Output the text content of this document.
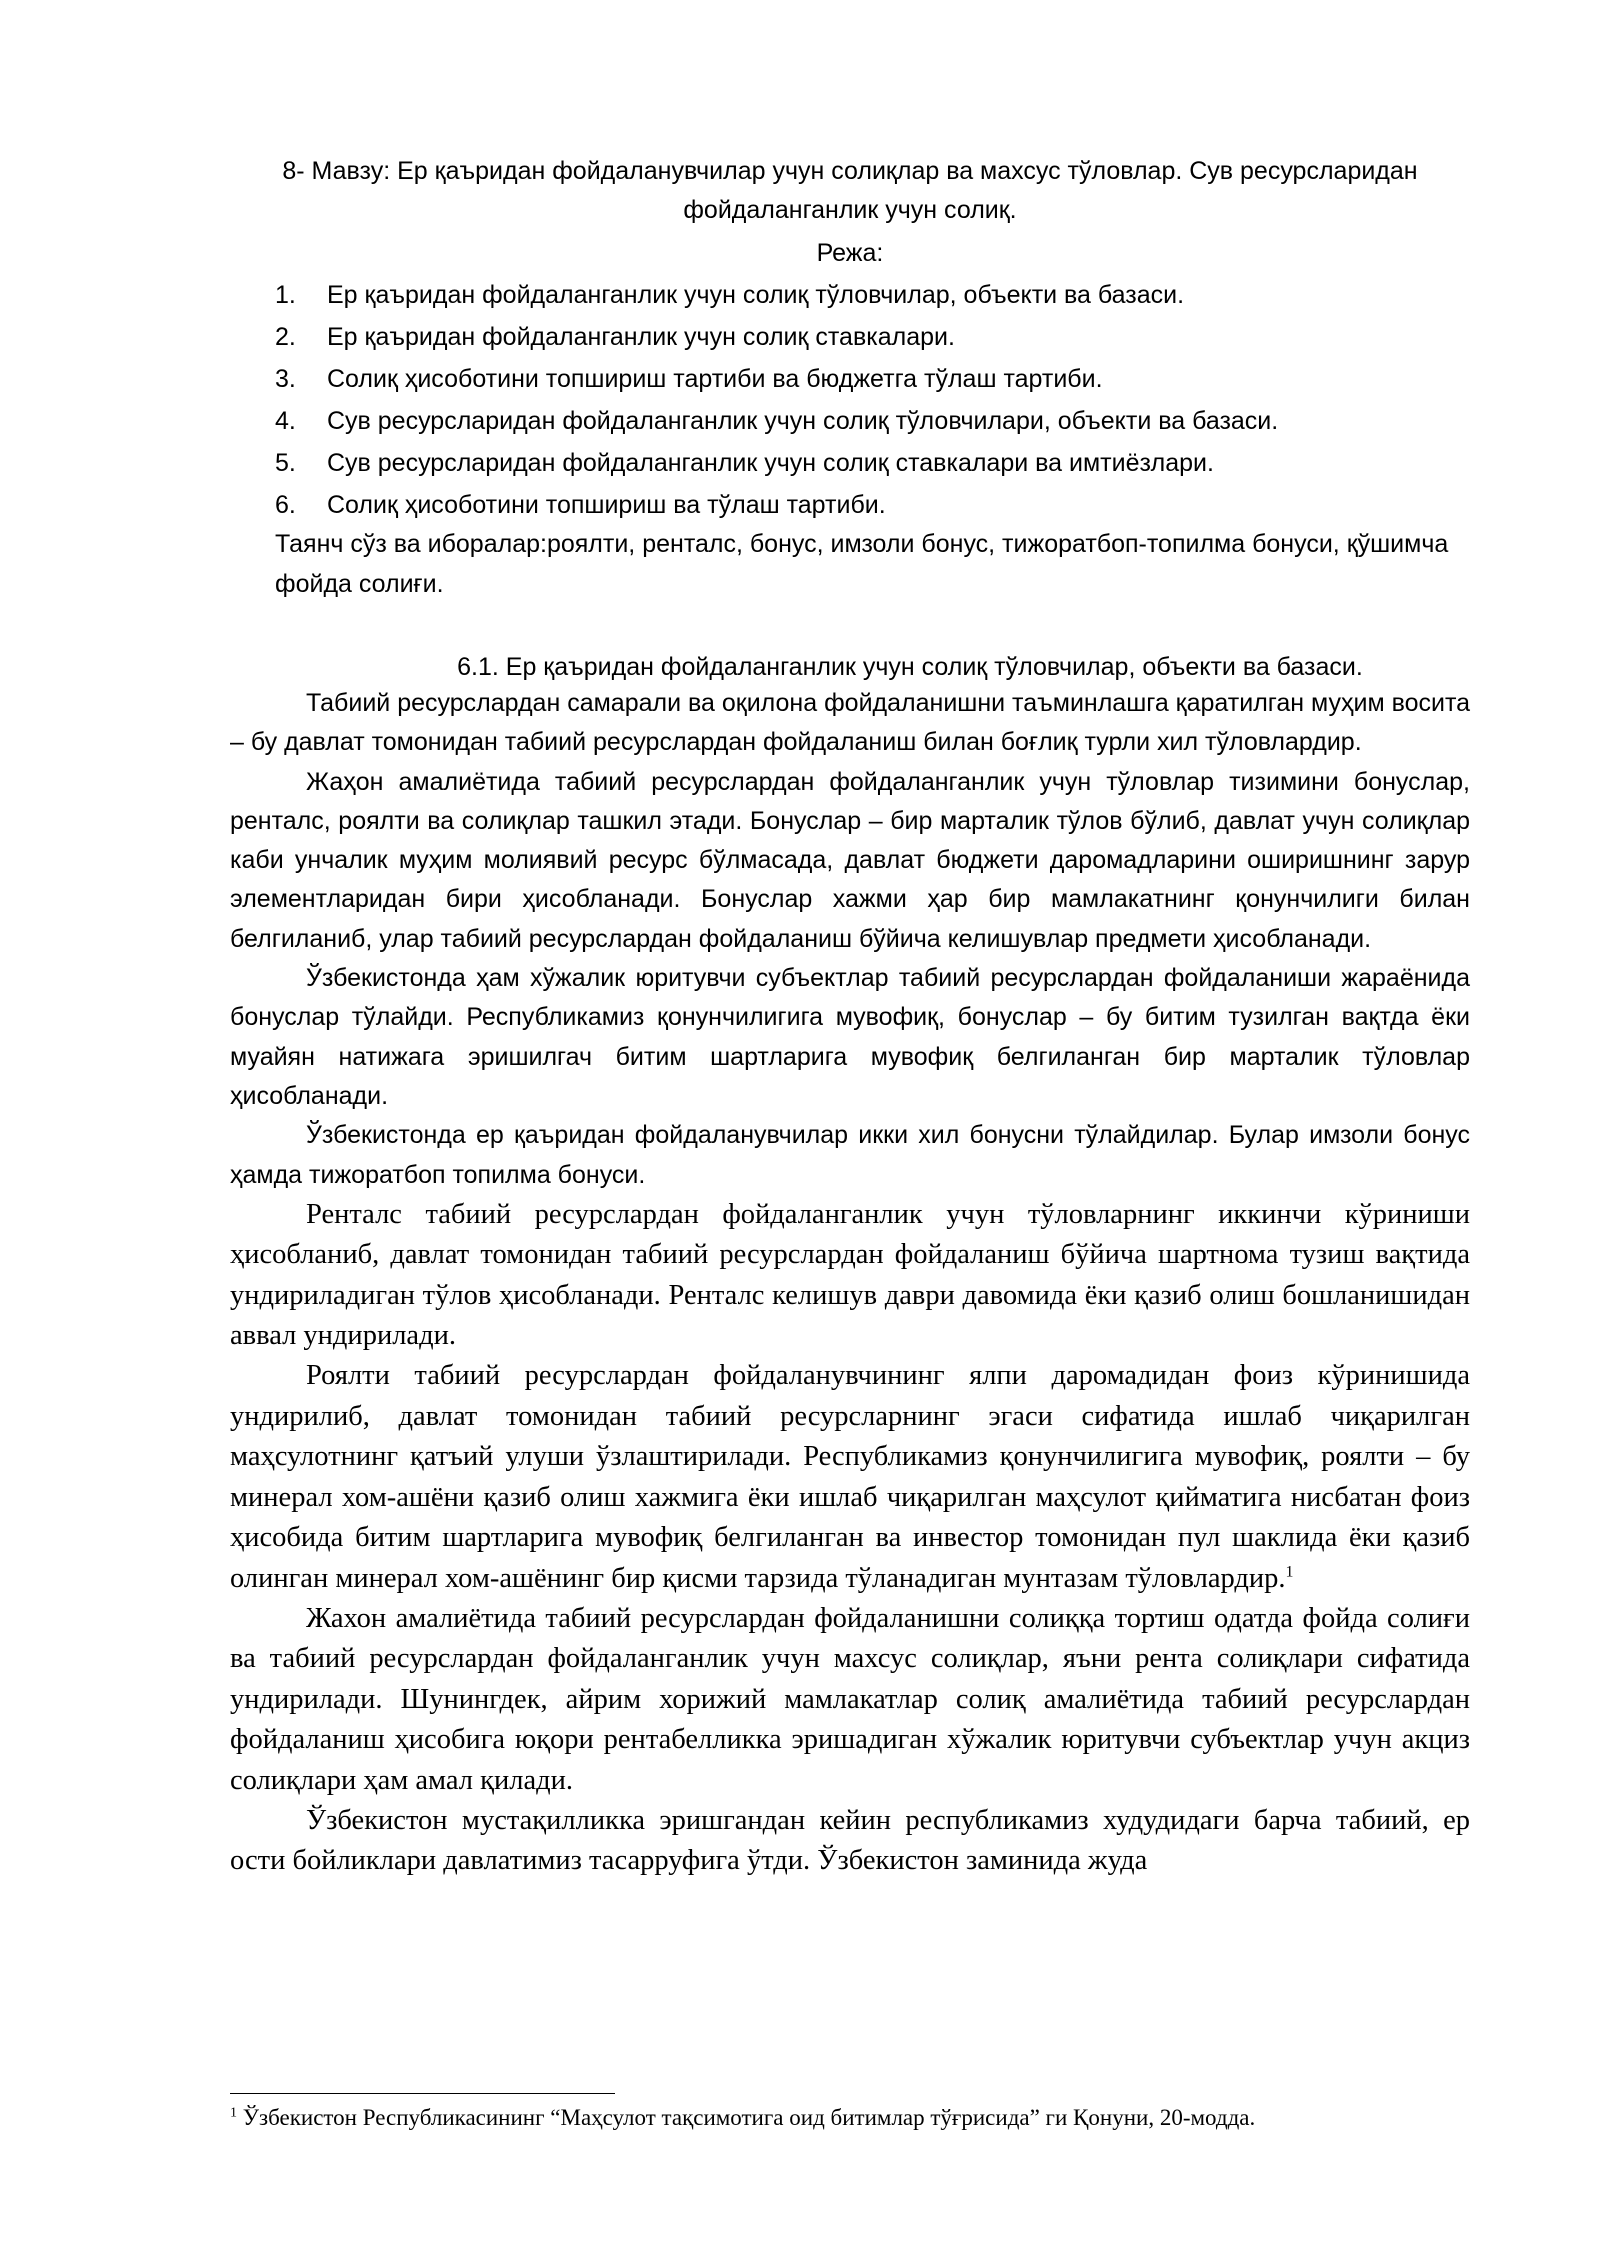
8- Мавзу: Ер қаъридан фойдаланувчилар учун солиқлар ва махсус тўловлар. Сув ресурсларидан фойдаланганлик учун солиқ.
Режа:
1. Ер қаъридан фойдаланганлик учун солиқ тўловчилар, объекти ва базаси.
2. Ер қаъридан фойдаланганлик учун солиқ ставкалари.
3. Солиқ ҳисоботини топшириш тартиби ва бюджетга тўлаш тартиби.
4. Сув ресурсларидан фойдаланганлик учун солиқ тўловчилари, объекти ва базаси.
5. Сув ресурсларидан фойдаланганлик учун солиқ ставкалари ва имтиёзлари.
6. Солиқ ҳисоботини топшириш ва тўлаш тартиби.
Таянч сўз ва иборалар:роялти, ренталс, бонус, имзоли бонус, тижоратбоп-топилма бонуси, қўшимча фойда солиғи.
6.1. Ер қаъридан фойдаланганлик учун солиқ тўловчилар, объекти ва базаси.

Табиий ресурслардан самарали ва оқилона фойдаланишни таъминлашга қаратилган муҳим восита – бу давлат томонидан табиий ресурслардан фойдаланиш билан боғлиқ турли хил тўловлардир.

Жаҳон амалиётида табиий ресурслардан фойдаланганлик учун тўловлар тизимини бонуслар, ренталс, роялти ва солиқлар ташкил этади. Бонуслар – бир марталик тўлов бўлиб, давлат учун солиқлар каби унчалик муҳим молиявий ресурс бўлмасада, давлат бюджети даромадларини оширишнинг зарур элементларидан бири ҳисобланади. Бонуслар хажми ҳар бир мамлакатнинг қонунчилиги билан белгиланиб, улар табиий ресурслардан фойдаланиш бўйича келишувлар предмети ҳисобланади.

Ўзбекистонда ҳам хўжалик юритувчи субъектлар табиий ресурслардан фойдаланиши жараёнида бонуслар тўлайди. Республикамиз қонунчилигига мувофиқ, бонуслар – бу битим тузилган вақтда ёки муайян натижага эришилгач битим шартларига мувофиқ белгиланган бир марталик тўловлар ҳисобланади.

Ўзбекистонда ер қаъридан фойдаланувчилар икки хил бонусни тўлайдилар. Булар имзоли бонус ҳамда тижоратбоп топилма бонуси.

Ренталс табиий ресурслардан фойдаланганлик учун тўловларнинг иккинчи кўриниши ҳисобланиб, давлат томонидан табиий ресурслардан фойдаланиш бўйича шартнома тузиш вақтида ундириладиган тўлов ҳисобланади. Ренталс келишув даври давомида ёки қазиб олиш бошланишидан аввал ундирилади.

Роялти табиий ресурслардан фойдаланувчининг ялпи даромадидан фоиз кўринишида ундирилиб, давлат томонидан табиий ресурсларнинг эгаси сифатида ишлаб чиқарилган маҳсулотнинг қатъий улуши ўзлаштирилади. Республикамиз қонунчилигига мувофиқ, роялти – бу минерал хом-ашёни қазиб олиш хажмига ёки ишлаб чиқарилган маҳсулот қийматига нисбатан фоиз ҳисобида битим шартларига мувофиқ белгиланган ва инвестор томонидан пул шаклида ёки қазиб олинган минерал хом-ашёнинг бир қисми тарзида тўланадиган мунтазам тўловлардир.$^1$

Жахон амалиётида табиий ресурслардан фойдаланишни солиққа тортиш одатда фойда солиғи ва табиий ресурслардан фойдаланганлик учун махсус солиқлар, яъни рента солиқлари сифатида ундирилади. Шунингдек, айрим хорижий мамлакатлар солиқ амалиётида табиий ресурслардан фойдаланиш ҳисобига юқори рентабелликка эришадиган хўжалик юритувчи субъектлар учун акциз солиқлари ҳам амал қилади.

Ўзбекистон мустақилликка эришгандан кейин республикамиз худудидаги барча табиий, ер ости бойликлари давлатимиз тасарруфига ўтди. Ўзбекистон заминида жуда

$^1$ Ўзбекистон Республикасининг “Маҳсулот тақсимотига оид битимлар тўғрисида” ги Қонуни, 20-модда.
